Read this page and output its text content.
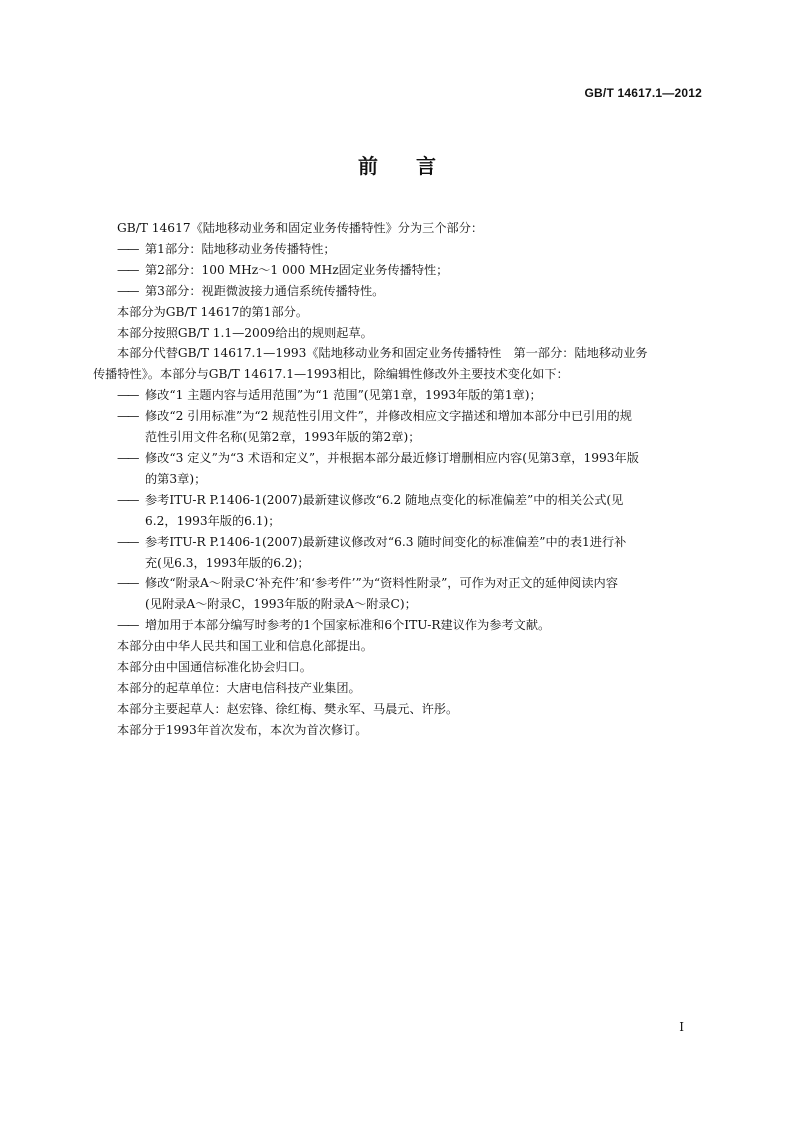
GB/T 14617.1—2012
前言

GB/T 14617《陆地移动业务和固定业务传播特性》分为三个部分：

—— 第1部分：陆地移动业务传播特性；
—— 第2部分：100 MHz～1 000 MHz固定业务传播特性；
—— 第3部分：视距微波接力通信系统传播特性。

本部分为GB/T 14617的第1部分。

本部分按照GB/T 1.1—2009给出的规则起草。

本部分代替GB/T 14617.1—1993《陆地移动业务和固定业务传播特性　第一部分：陆地移动业务

传播特性》。本部分与GB/T 14617.1—1993相比，除编辑性修改外主要技术变化如下：

—— 修改“1 主题内容与适用范围”为“1 范围”(见第1章，1993年版的第1章)；
—— 修改“2 引用标准”为“2 规范性引用文件”，并修改相应文字描述和增加本部分中已引用的规
范性引用文件名称(见第2章，1993年版的第2章)；
—— 修改“3 定义”为“3 术语和定义”，并根据本部分最近修订增删相应内容(见第3章，1993年版
的第3章)；
—— 参考ITU-R P.1406-1(2007)最新建议修改“6.2 随地点变化的标准偏差”中的相关公式(见
6.2，1993年版的6.1)；
—— 参考ITU-R P.1406-1(2007)最新建议修改对“6.3 随时间变化的标准偏差”中的表1进行补
充(见6.3，1993年版的6.2)；
—— 修改“附录A～附录C‘补充件’和‘参考件’”为“资料性附录”，可作为对正文的延伸阅读内容
(见附录A～附录C，1993年版的附录A～附录C)；
—— 增加用于本部分编写时参考的1个国家标准和6个ITU-R建议作为参考文献。

本部分由中华人民共和国工业和信息化部提出。

本部分由中国通信标准化协会归口。

本部分的起草单位：大唐电信科技产业集团。

本部分主要起草人：赵宏锋、徐红梅、樊永军、马晨元、许彤。

本部分于1993年首次发布，本次为首次修订。

I
